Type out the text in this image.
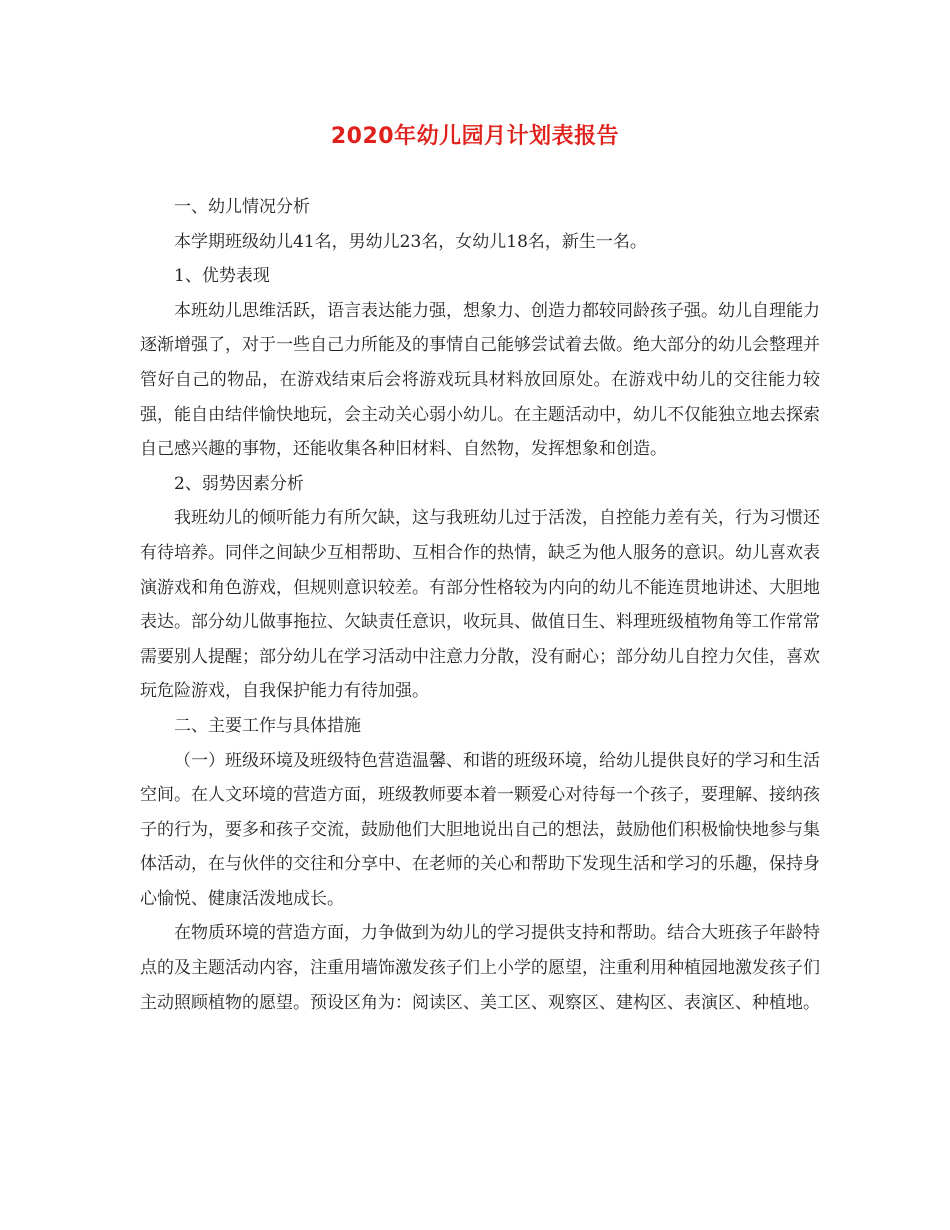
2020年幼儿园月计划表报告

一、幼儿情况分析

本学期班级幼儿41名，男幼儿23名，女幼儿18名，新生一名。

1、优势表现

本班幼儿思维活跃，语言表达能力强，想象力、创造力都较同龄孩子强。幼儿自理能力逐渐增强了，对于一些自己力所能及的事情自己能够尝试着去做。绝大部分的幼儿会整理并管好自己的物品，在游戏结束后会将游戏玩具材料放回原处。在游戏中幼儿的交往能力较强，能自由结伴愉快地玩，会主动关心弱小幼儿。在主题活动中，幼儿不仅能独立地去探索自己感兴趣的事物，还能收集各种旧材料、自然物，发挥想象和创造。

2、弱势因素分析

我班幼儿的倾听能力有所欠缺，这与我班幼儿过于活泼，自控能力差有关，行为习惯还有待培养。同伴之间缺少互相帮助、互相合作的热情，缺乏为他人服务的意识。幼儿喜欢表演游戏和角色游戏，但规则意识较差。有部分性格较为内向的幼儿不能连贯地讲述、大胆地表达。部分幼儿做事拖拉、欠缺责任意识，收玩具、做值日生、料理班级植物角等工作常常需要别人提醒；部分幼儿在学习活动中注意力分散，没有耐心；部分幼儿自控力欠佳，喜欢玩危险游戏，自我保护能力有待加强。

二、主要工作与具体措施

（一）班级环境及班级特色营造温馨、和谐的班级环境，给幼儿提供良好的学习和生活空间。在人文环境的营造方面，班级教师要本着一颗爱心对待每一个孩子，要理解、接纳孩子的行为，要多和孩子交流，鼓励他们大胆地说出自己的想法，鼓励他们积极愉快地参与集体活动，在与伙伴的交往和分享中、在老师的关心和帮助下发现生活和学习的乐趣，保持身心愉悦、健康活泼地成长。

在物质环境的营造方面，力争做到为幼儿的学习提供支持和帮助。结合大班孩子年龄特点的及主题活动内容，注重用墙饰激发孩子们上小学的愿望，注重利用种植园地激发孩子们主动照顾植物的愿望。预设区角为：阅读区、美工区、观察区、建构区、表演区、种植地。
